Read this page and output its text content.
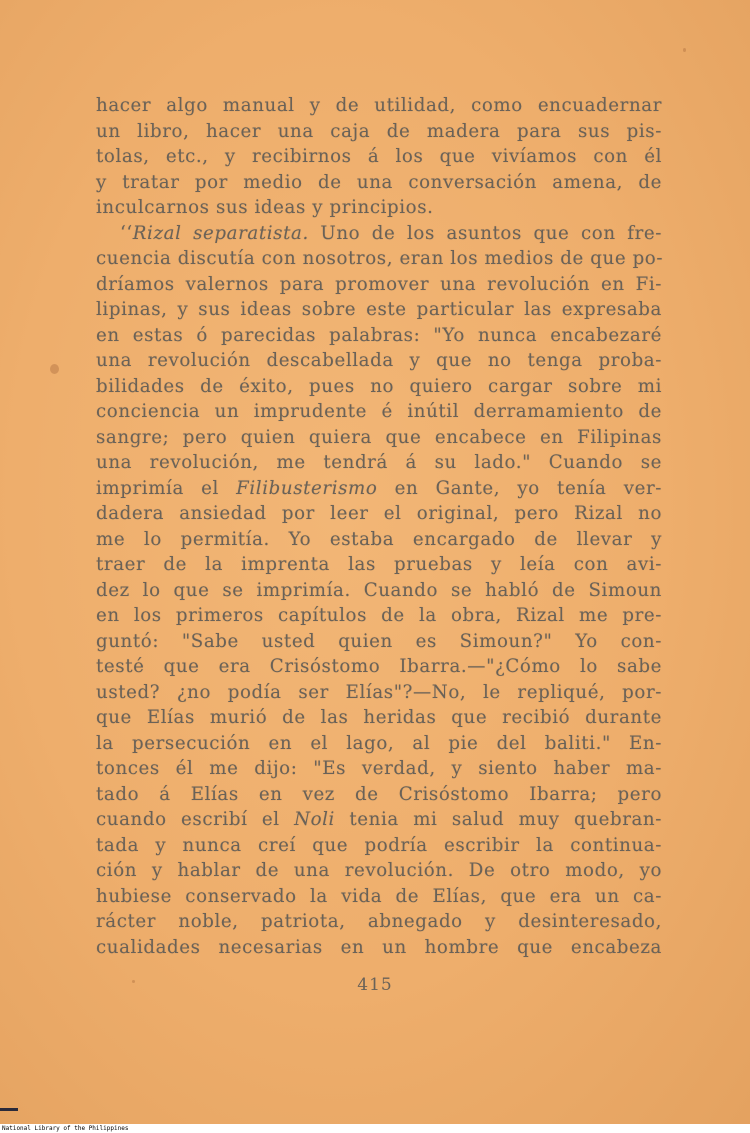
hacer algo manual y de utilidad, como encuadernar
un libro, hacer una caja de madera para sus pis-
tolas, etc., y recibirnos á los que vivíamos con él
y tratar por medio de una conversación amena, de
inculcarnos sus ideas y principios.
‘‘Rizal separatista. Uno de los asuntos que con fre-
cuencia discutía con nosotros, eran los medios de que po-
dríamos valernos para promover una revolución en Fi-
lipinas, y sus ideas sobre este particular las expresaba
en estas ó parecidas palabras: "Yo nunca encabezaré
una revolución descabellada y que no tenga proba-
bilidades de éxito, pues no quiero cargar sobre mi
conciencia un imprudente é inútil derramamiento de
sangre; pero quien quiera que encabece en Filipinas
una revolución, me tendrá á su lado." Cuando se
imprimía el Filibusterismo en Gante, yo tenía ver-
dadera ansiedad por leer el original, pero Rizal no
me lo permitía. Yo estaba encargado de llevar y
traer de la imprenta las pruebas y leía con avi-
dez lo que se imprimía. Cuando se habló de Simoun
en los primeros capítulos de la obra, Rizal me pre-
guntó: "Sabe usted quien es Simoun?" Yo con-
testé que era Crisóstomo Ibarra.—"¿Cómo lo sabe
usted? ¿no podía ser Elías"?—No, le repliqué, por-
que Elías murió de las heridas que recibió durante
la persecución en el lago, al pie del baliti." En-
tonces él me dijo: "Es verdad, y siento haber ma-
tado á Elías en vez de Crisóstomo Ibarra; pero
cuando escribí el Noli tenia mi salud muy quebran-
tada y nunca creí que podría escribir la continua-
ción y hablar de una revolución. De otro modo, yo
hubiese conservado la vida de Elías, que era un ca-
rácter noble, patriota, abnegado y desinteresado,
cualidades necesarias en un hombre que encabeza
415
National Library of the Philippines
